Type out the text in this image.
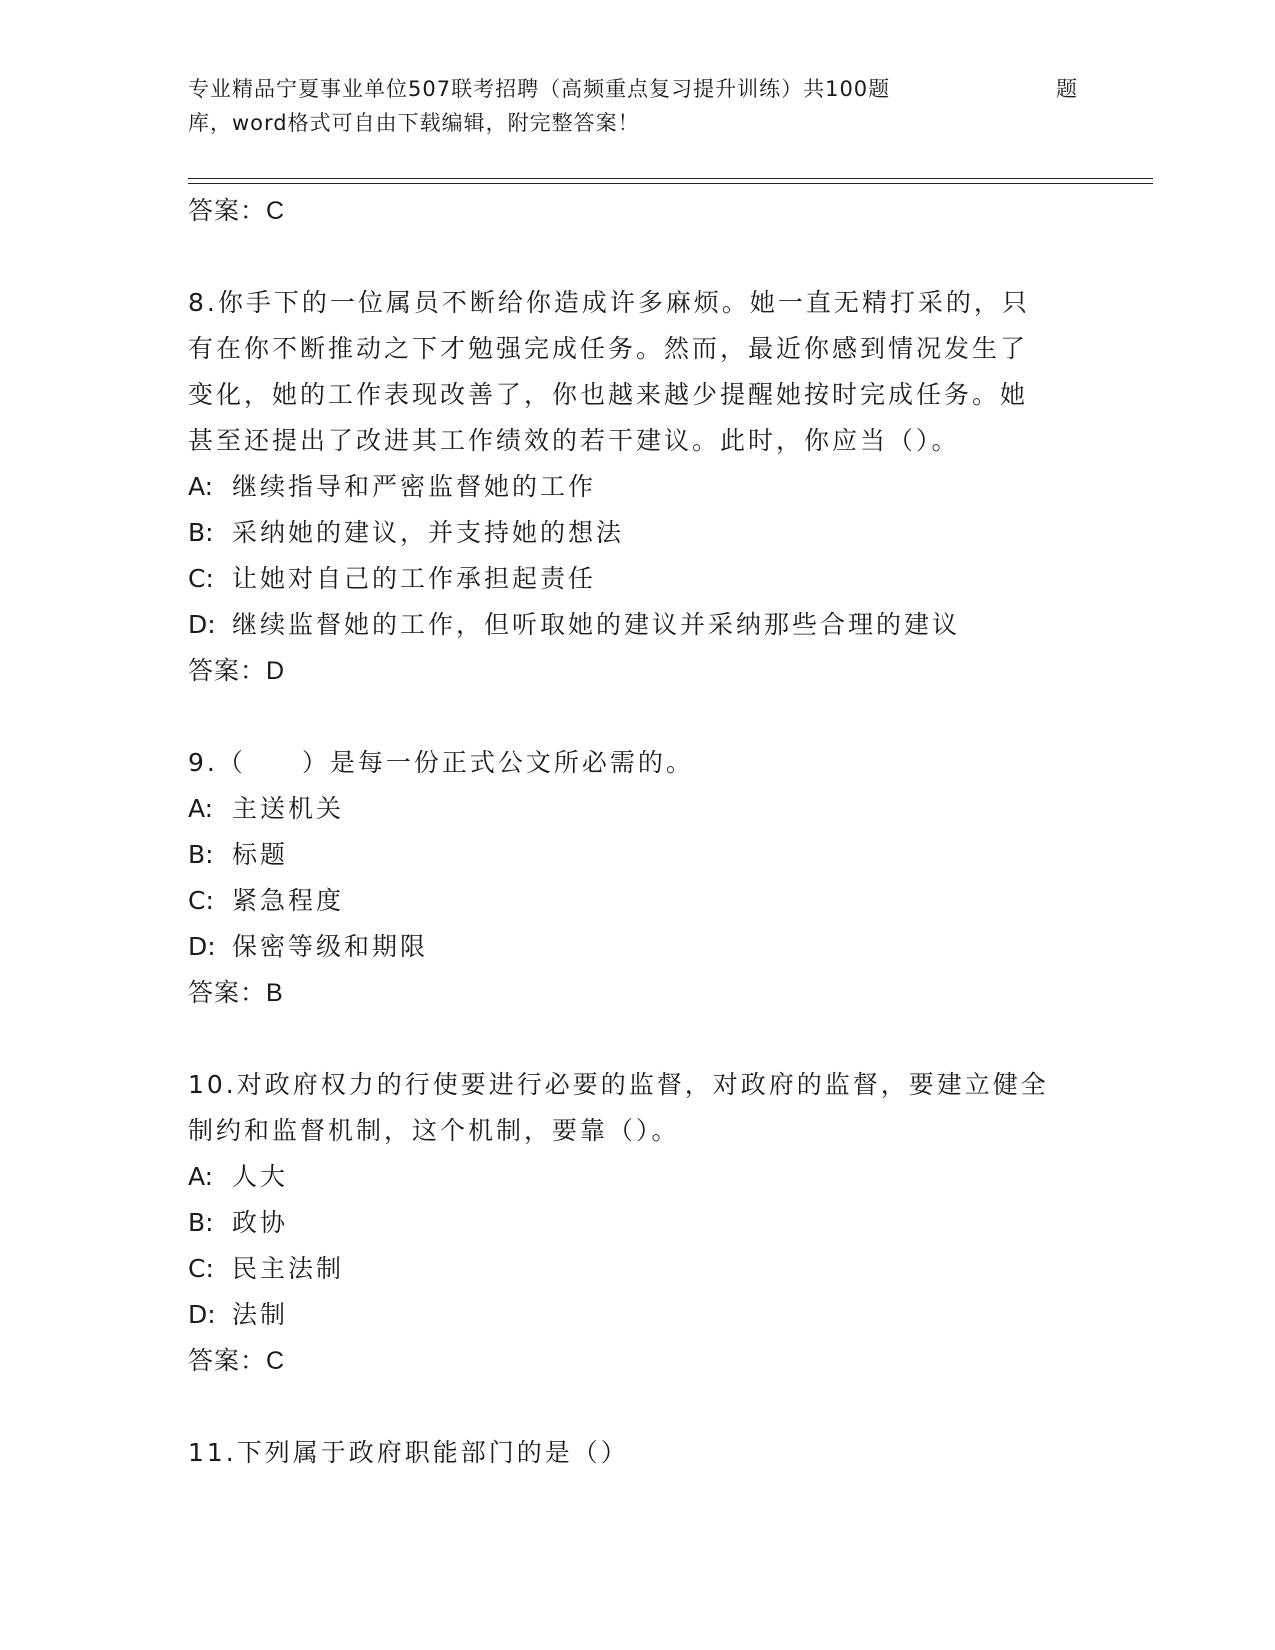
专业精品宁夏事业单位507联考招聘（高频重点复习提升训练）共100题	题
库，word格式可自由下载编辑，附完整答案！
答案：C
8.你手下的一位属员不断给你造成许多麻烦。她一直无精打采的，只
有在你不断推动之下才勉强完成任务。然而，最近你感到情况发生了
变化，她的工作表现改善了，你也越来越少提醒她按时完成任务。她
甚至还提出了改进其工作绩效的若干建议。此时，你应当（）。
A: 继续指导和严密监督她的工作
B: 采纳她的建议，并支持她的想法
C: 让她对自己的工作承担起责任
D: 继续监督她的工作，但听取她的建议并采纳那些合理的建议
答案：D
9.（　　）是每一份正式公文所必需的。
A: 主送机关
B: 标题
C: 紧急程度
D: 保密等级和期限
答案：B
10.对政府权力的行使要进行必要的监督，对政府的监督，要建立健全
制约和监督机制，这个机制，要靠（）。
A: 人大
B: 政协
C: 民主法制
D: 法制
答案：C
11.下列属于政府职能部门的是（）
